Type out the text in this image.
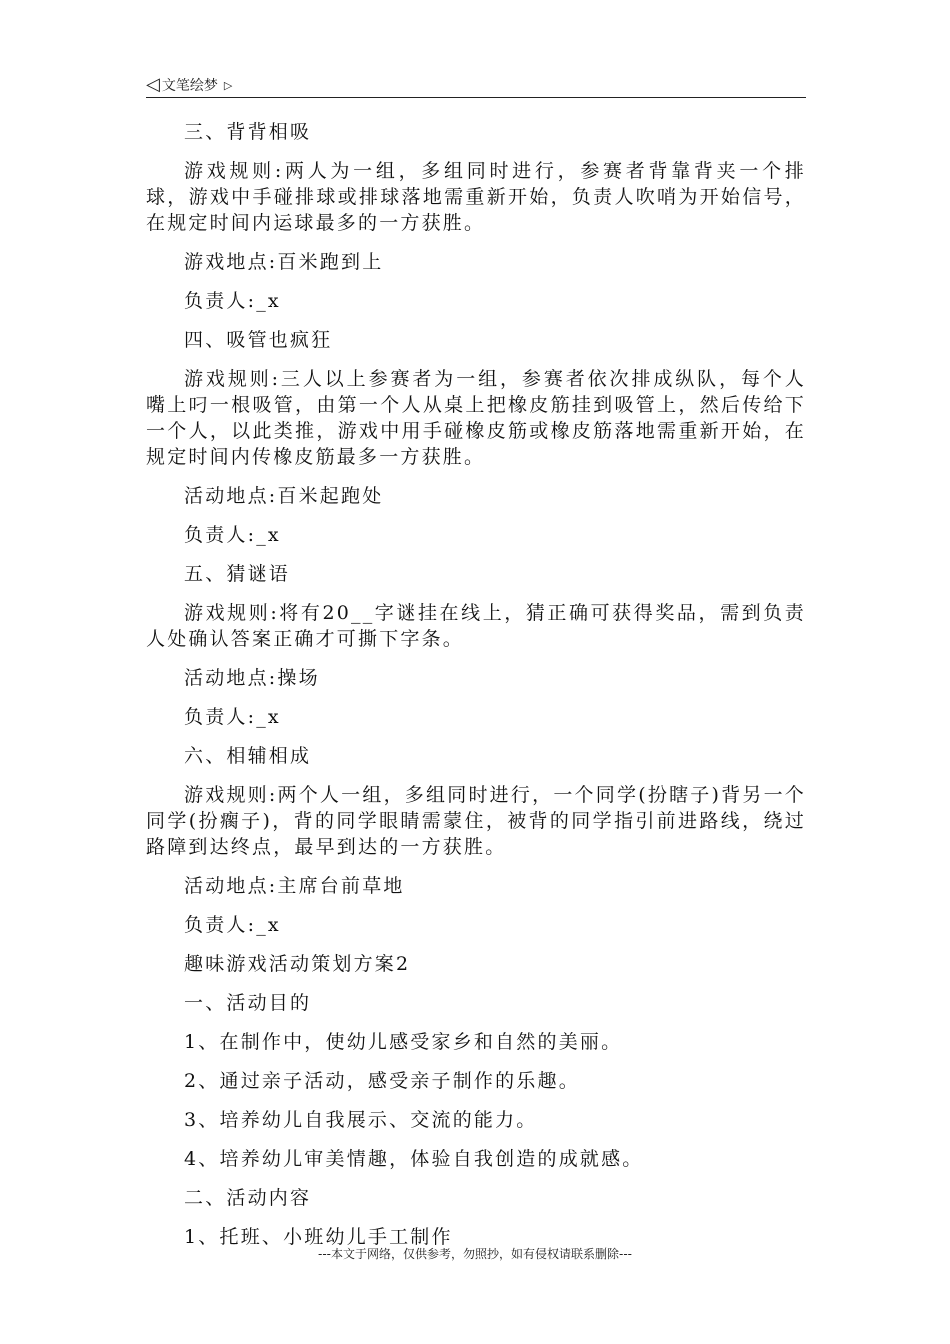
◁ 文笔绘梦 ▷

三、背背相吸

游戏规则:两人为一组，多组同时进行，参赛者背靠背夹一个排球，游戏中手碰排球或排球落地需重新开始，负责人吹哨为开始信号，在规定时间内运球最多的一方获胜。

游戏地点:百米跑到上

负责人:_x

四、吸管也疯狂

游戏规则:三人以上参赛者为一组，参赛者依次排成纵队，每个人嘴上叼一根吸管，由第一个人从桌上把橡皮筋挂到吸管上，然后传给下一个人，以此类推，游戏中用手碰橡皮筋或橡皮筋落地需重新开始，在规定时间内传橡皮筋最多一方获胜。

活动地点:百米起跑处

负责人:_x

五、猜谜语

游戏规则:将有20__字谜挂在线上，猜正确可获得奖品，需到负责人处确认答案正确才可撕下字条。

活动地点:操场

负责人:_x

六、相辅相成

游戏规则:两个人一组，多组同时进行，一个同学(扮瞎子)背另一个同学(扮瘸子)，背的同学眼睛需蒙住，被背的同学指引前进路线，绕过路障到达终点，最早到达的一方获胜。

活动地点:主席台前草地

负责人:_x

趣味游戏活动策划方案2

一、活动目的

1、在制作中，使幼儿感受家乡和自然的美丽。

2、通过亲子活动，感受亲子制作的乐趣。

3、培养幼儿自我展示、交流的能力。

4、培养幼儿审美情趣，体验自我创造的成就感。

二、活动内容

1、托班、小班幼儿手工制作

---本文于网络，仅供参考，勿照抄，如有侵权请联系删除---
